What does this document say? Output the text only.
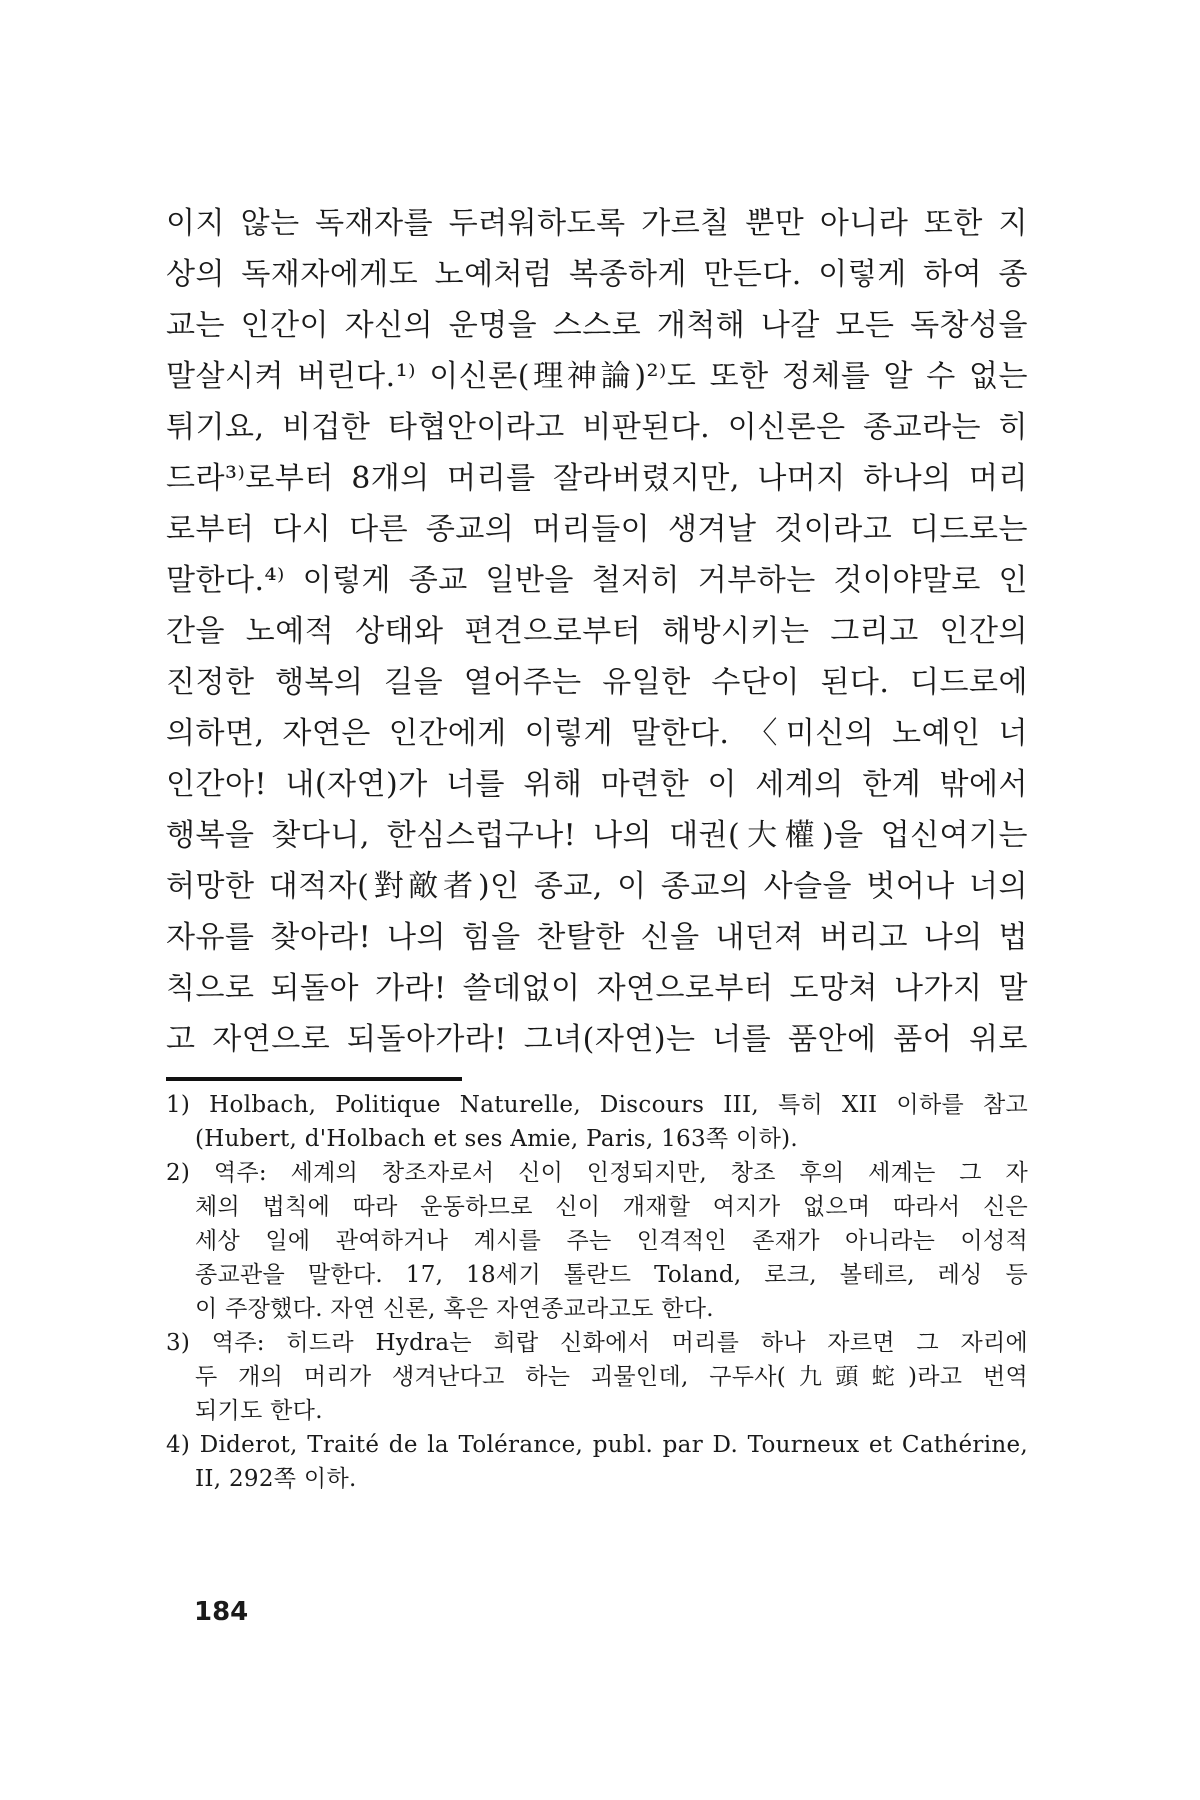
이지 않는 독재자를 두려워하도록 가르칠 뿐만 아니라 또한 지
상의 독재자에게도 노예처럼 복종하게 만든다. 이렇게 하여 종
교는 인간이 자신의 운명을 스스로 개척해 나갈 모든 독창성을
말살시켜 버린다.¹⁾ 이신론(理神論)²⁾도 또한 정체를 알 수 없는
튀기요, 비겁한 타협안이라고 비판된다. 이신론은 종교라는 히
드라³⁾로부터 8개의 머리를 잘라버렸지만, 나머지 하나의 머리
로부터 다시 다른 종교의 머리들이 생겨날 것이라고 디드로는
말한다.⁴⁾ 이렇게 종교 일반을 철저히 거부하는 것이야말로 인
간을 노예적 상태와 편견으로부터 해방시키는 그리고 인간의
진정한 행복의 길을 열어주는 유일한 수단이 된다. 디드로에
의하면, 자연은 인간에게 이렇게 말한다. 〈미신의 노예인 너
인간아! 내(자연)가 너를 위해 마련한 이 세계의 한계 밖에서
행복을 찾다니, 한심스럽구나! 나의 대권(大權)을 업신여기는
허망한 대적자(對敵者)인 종교, 이 종교의 사슬을 벗어나 너의
자유를 찾아라! 나의 힘을 찬탈한 신을 내던져 버리고 나의 법
칙으로 되돌아 가라! 쓸데없이 자연으로부터 도망쳐 나가지 말
고 자연으로 되돌아가라! 그녀(자연)는 너를 품안에 품어 위로
1) Holbach, Politique Naturelle, Discours III, 특히 XII 이하를 참고
(Hubert, d'Holbach et ses Amie, Paris, 163쪽 이하).
2) 역주: 세계의 창조자로서 신이 인정되지만, 창조 후의 세계는 그 자
체의 법칙에 따라 운동하므로 신이 개재할 여지가 없으며 따라서 신은
세상 일에 관여하거나 계시를 주는 인격적인 존재가 아니라는 이성적
종교관을 말한다. 17, 18세기 톨란드 Toland, 로크, 볼테르, 레싱 등
이 주장했다. 자연 신론, 혹은 자연종교라고도 한다.
3) 역주: 히드라 Hydra는 희랍 신화에서 머리를 하나 자르면 그 자리에
두 개의 머리가 생겨난다고 하는 괴물인데, 구두사(九頭蛇)라고 번역
되기도 한다.
4) Diderot, Traité de la Tolérance, publ. par D. Tourneux et Cathérine,
II, 292쪽 이하.
184
